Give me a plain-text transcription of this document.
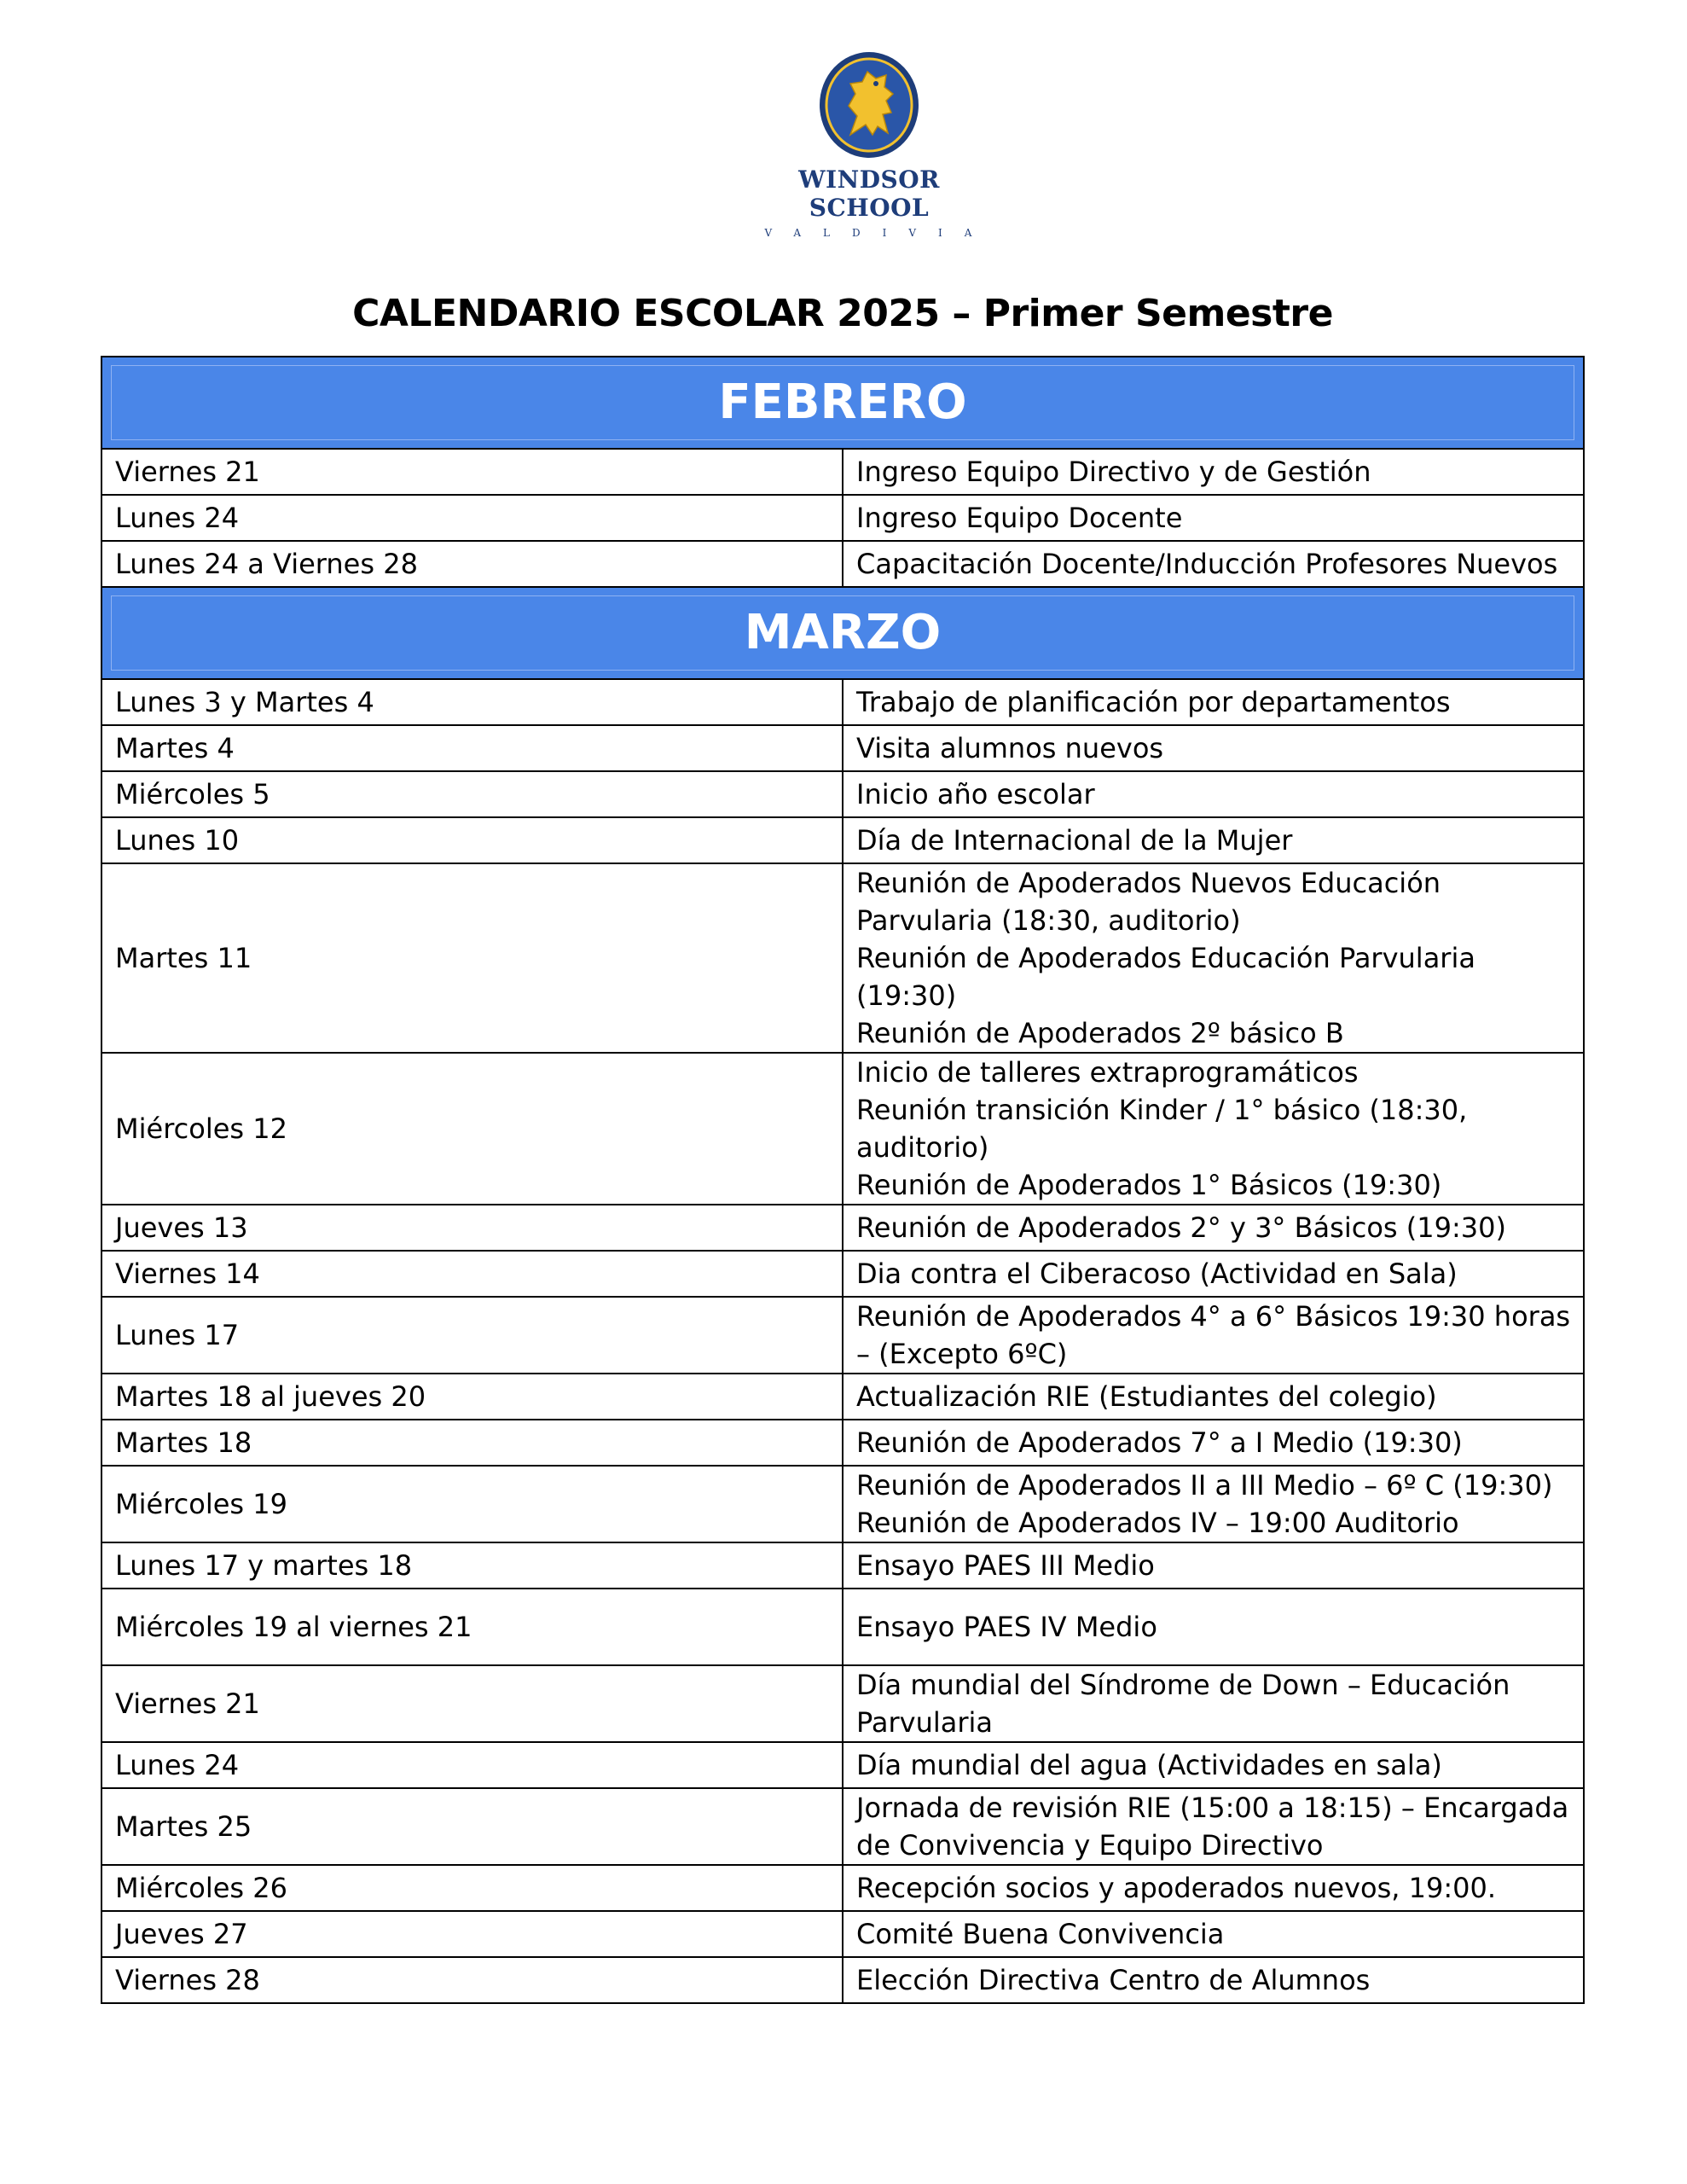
WINDSOR SCHOOL
VALDIVIA
CALENDARIO ESCOLAR 2025 – Primer Semestre
FEBRERO	

Viernes 21	Ingreso Equipo Directivo y de Gestión
Lunes 24	Ingreso Equipo Docente
Lunes 24 a Viernes 28	Capacitación Docente/Inducción Profesores Nuevos

MARZO	

Lunes 3 y Martes 4	Trabajo de planificación por departamentos
Martes 4	Visita alumnos nuevos
Miércoles 5	Inicio año escolar
Lunes 10	Día de Internacional de la Mujer
Martes 11	Reunión de Apoderados Nuevos Educación Parvularia (18:30, auditorio)
Reunión de Apoderados Educación Parvularia (19:30)
Reunión de Apoderados 2º básico B

Miércoles 12	Inicio de talleres extraprogramáticos
Reunión transición Kinder / 1° básico (18:30, auditorio)
Reunión de Apoderados 1° Básicos (19:30)

Jueves 13	Reunión de Apoderados 2° y 3° Básicos (19:30)
Viernes 14	Dia contra el Ciberacoso (Actividad en Sala)
Lunes 17	Reunión de Apoderados 4° a 6° Básicos 19:30 horas – (Excepto 6ºC)
Martes 18 al jueves 20	Actualización RIE (Estudiantes del colegio)
Martes 18	Reunión de Apoderados 7° a I Medio (19:30)
Miércoles 19	Reunión de Apoderados II a III Medio – 6º C (19:30)
Reunión de Apoderados IV – 19:00 Auditorio

Lunes 17 y martes 18	Ensayo PAES III Medio
Miércoles 19 al viernes 21	Ensayo PAES IV Medio
Viernes 21	Día mundial del Síndrome de Down – Educación Parvularia
Lunes 24	Día mundial del agua (Actividades en sala)
Martes 25	Jornada de revisión RIE (15:00 a 18:15) – Encargada de Convivencia y Equipo Directivo
Miércoles 26	Recepción socios y apoderados nuevos, 19:00.
Jueves 27	Comité Buena Convivencia
Viernes 28	Elección Directiva Centro de Alumnos
